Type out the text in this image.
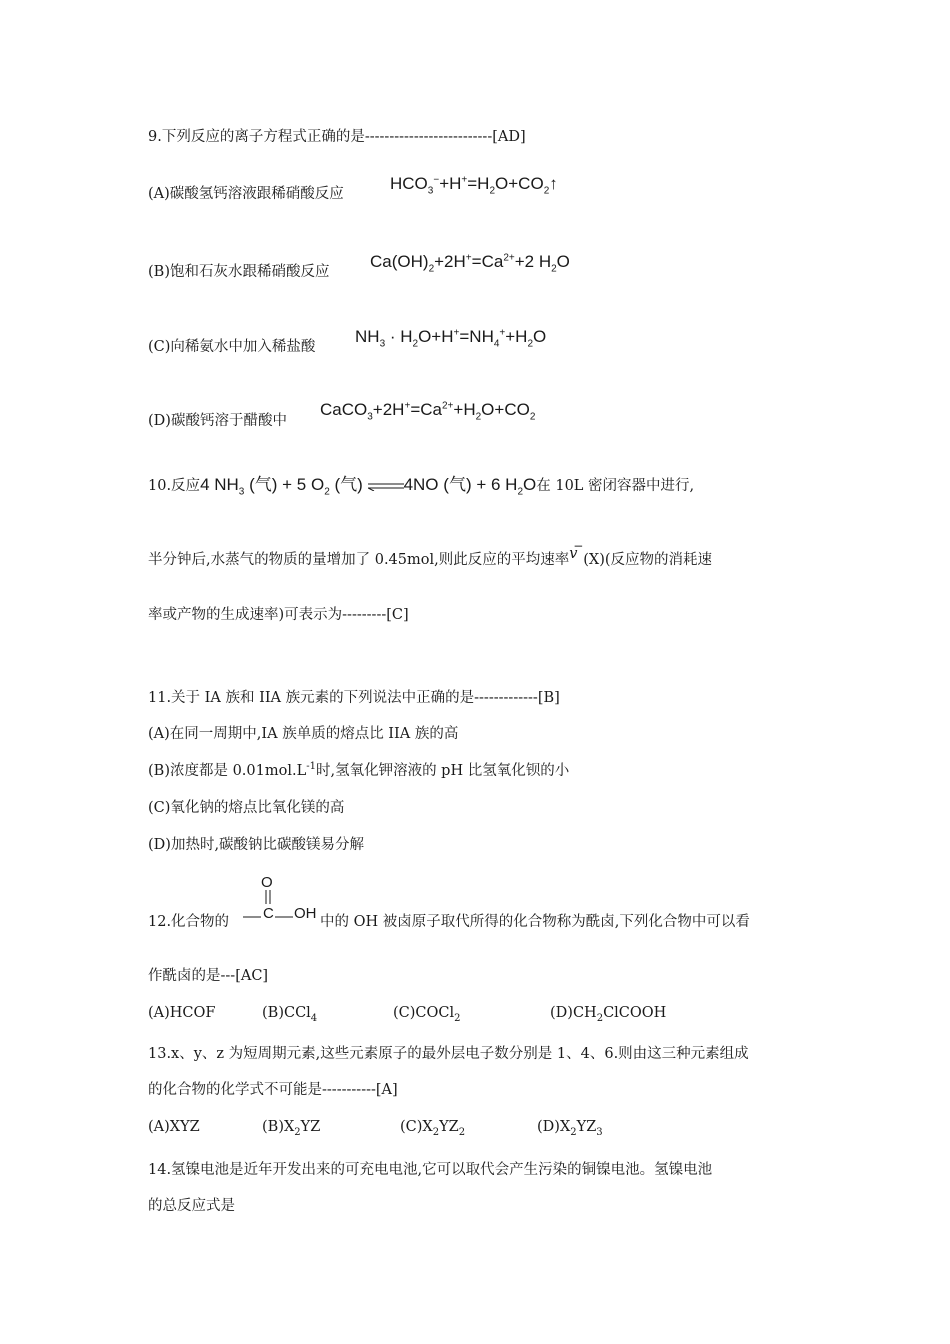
9.下列反应的离子方程式正确的是--------------------------[AD]
(A)碳酸氢钙溶液跟稀硝酸反应
$HCO_3^-+H^+=H_2O+CO_2↑$
(B)饱和石灰水跟稀硝酸反应
$Ca(OH)_2+2H^+=Ca^{2+}+2$ $H_2O$
(C)向稀氨水中加入稀盐酸
$NH_3 \cdot H_2O+H^+=NH_4^++H_2O$
(D)碳酸钙溶于醋酸中
$CaCO_3+2H^+=Ca^{2+}+H_2O+CO_2$
10.反应4 $NH_3$ (气) + 5 $O_2$ (气) 4NO (气) + 6 $H_2O$在 10L 密闭容器中进行,
半分钟后,水蒸气的物质的量增加了 0.45mol,则此反应的平均速率
−
v (X)(反应物的消耗速
率或产物的生成速率)可表示为---------[C]
11.关于 IA 族和 IIA 族元素的下列说法中正确的是-------------[B]
(A)在同一周期中,IA 族单质的熔点比 IIA 族的高
(B)浓度都是 $0.01mol.L^{-1}$时,氢氧化钾溶液的 pH 比氢氧化钡的小
(C)氧化钠的熔点比氧化镁的高
(D)加热时,碳酸钠比碳酸镁易分解
12.化合物的
O
C OH 中的 OH 被卤原子取代所得的化合物称为酰卤,下列化合物中可以看
作酰卤的是---[AC]
(A)HCOF	(B)CCl$_4$	(C)COCl$_2$	$(D)CH_2ClCOOH$
13.x、y、z 为短周期元素,这些元素原子的最外层电子数分别是 1、4、6.则由这三种元素组成
的化合物的化学式不可能是-----------[A]
(A)XYZ	$(B)X_2YZ$	$(C)X_2YZ_2$	$(D)X_2YZ_3$
14.氢镍电池是近年开发出来的可充电电池,它可以取代会产生污染的铜镍电池。氢镍电池
的总反应式是
